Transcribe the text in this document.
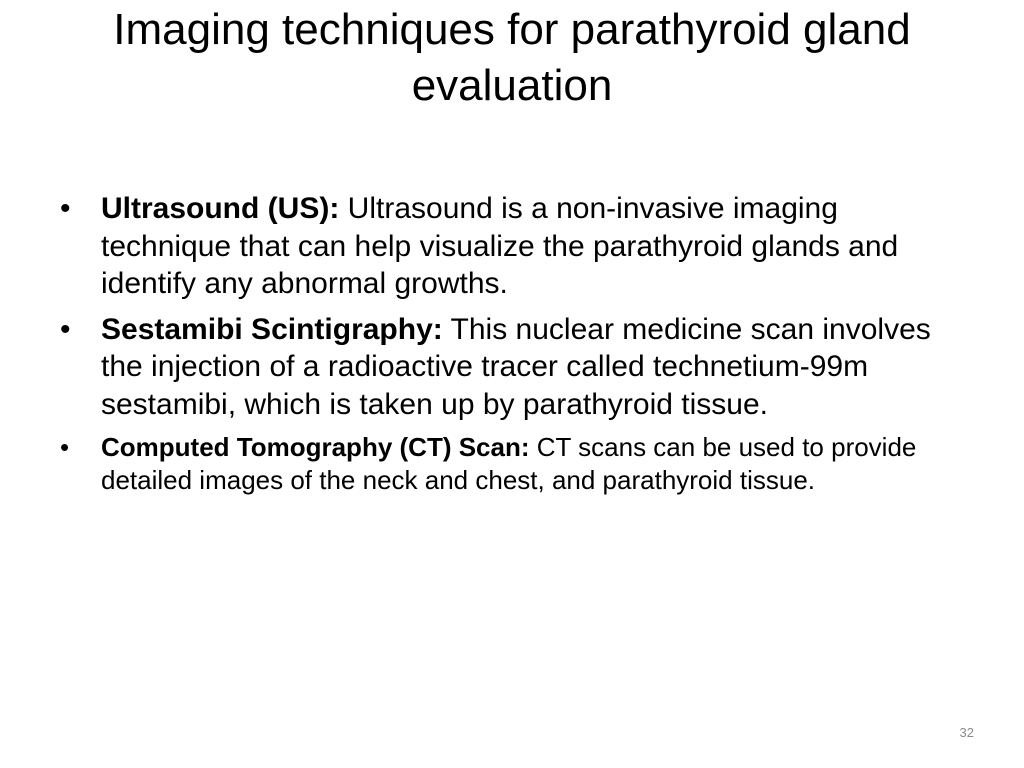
Imaging techniques for parathyroid gland evaluation
• Ultrasound (US): Ultrasound is a non-invasive imaging technique that can help visualize the parathyroid glands and identify any abnormal growths.
• Sestamibi Scintigraphy: This nuclear medicine scan involves the injection of a radioactive tracer called technetium-99m sestamibi, which is taken up by parathyroid tissue.
• Computed Tomography (CT) Scan: CT scans can be used to provide detailed images of the neck and chest, and parathyroid tissue.
32
